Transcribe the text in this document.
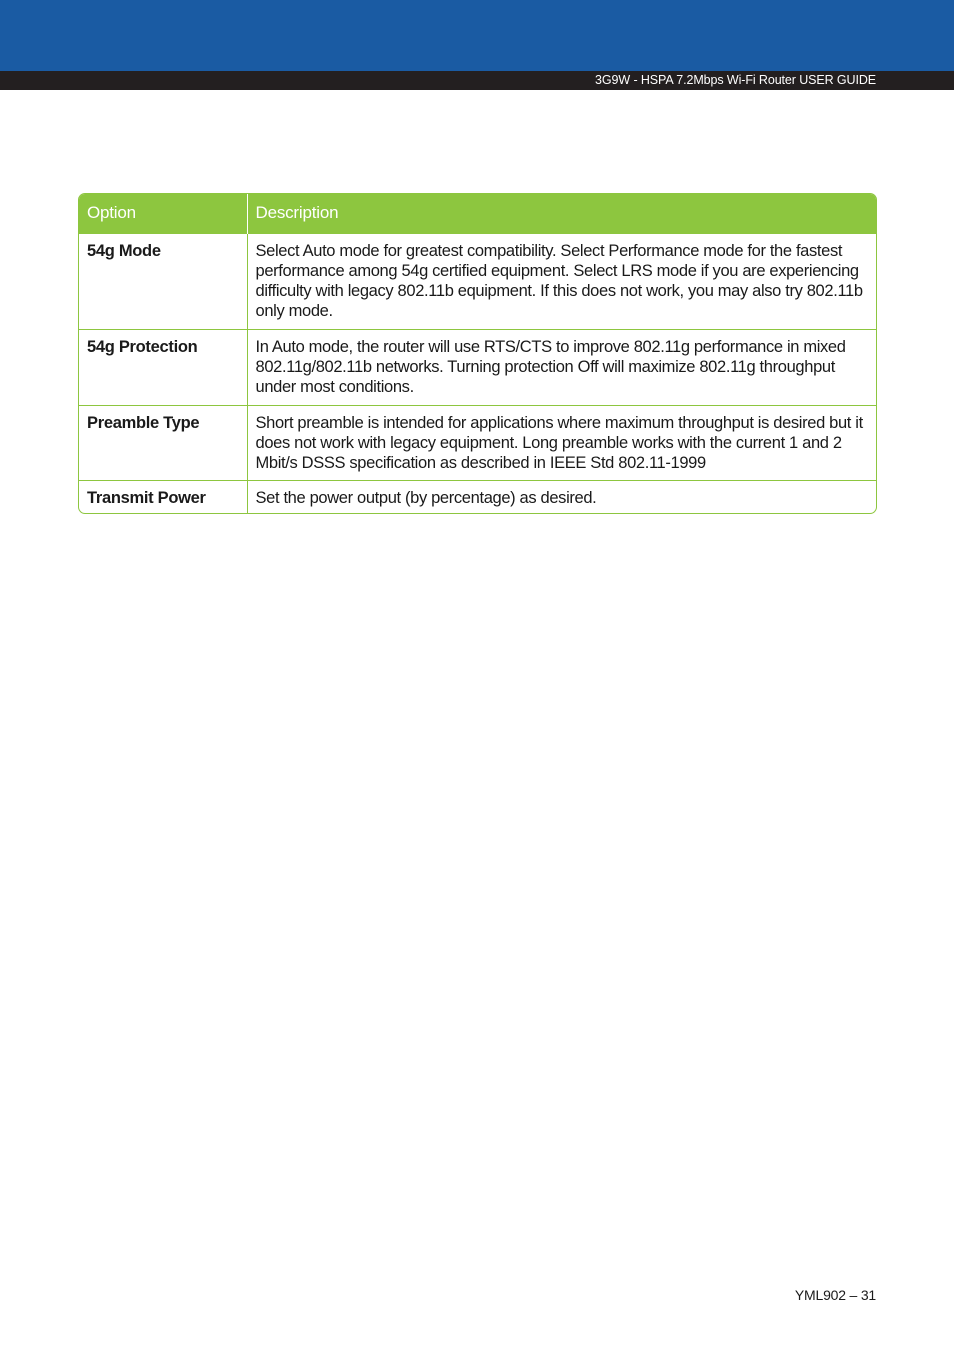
3G9W - HSPA 7.2Mbps Wi-Fi Router USER GUIDE
Option	Description
54g Mode	Select Auto mode for greatest compatibility. Select Performance mode for the fastest performance among 54g certified equipment. Select LRS mode if you are experiencing difficulty with legacy 802.11b equipment. If this does not work, you may also try 802.11b only mode.
54g Protection	In Auto mode, the router will use RTS/CTS to improve 802.11g performance in mixed 802.11g/802.11b networks. Turning protection Off will maximize 802.11g throughput under most conditions.
Preamble Type	Short preamble is intended for applications where maximum throughput is desired but it does not work with legacy equipment. Long preamble works with the current 1 and 2 Mbit/s DSSS specification as described in IEEE Std 802.11-1999
Transmit Power	Set the power output (by percentage) as desired.
YML902 – 31
